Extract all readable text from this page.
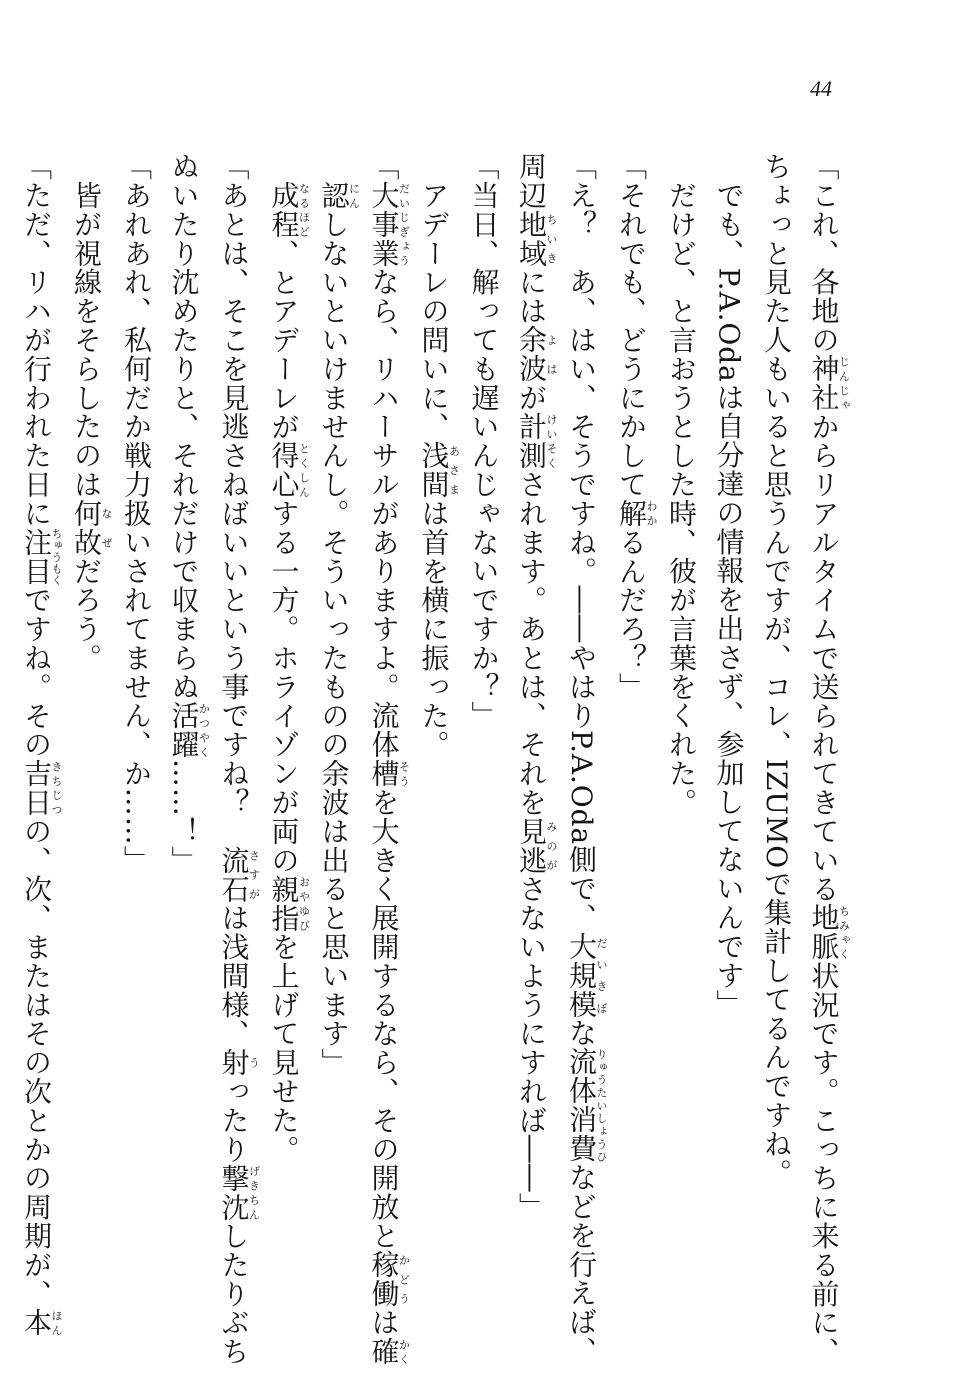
44
「これ、各地の神社じんじゃからリアルタイムで送られてきている地脈ちみゃく状況です。こっちに来る前に、
ちょっと見た人もいると思うんですが、コレ、IZUMOで集計してるんですね。
　でも、P.A.Odaは自分達の情報を出さず、参加してないんです」
　だけど、と言おうとした時、彼が言葉をくれた。
「それでも、どうにかして解わかるんだろ？」
「え？　あ、はい、そうですね。――やはりP.A.Oda側で、大規模だいきぼな流体消費りゅうたいしょうひなどを行えば、
周辺地域ちいきには余波よはが計測けいそくされます。あとは、それを見逃みのがさないようにすれば――」
「当日、解っても遅いんじゃないですか？」
　アデーレの問いに、浅間あさまは首を横に振った。
「大事業だいじぎょうなら、リハーサルがありますよ。流体槽そうを大きく展開するなら、その開放と稼働かどうは確かく
　認にんしないといけませんし。そういったものの余波は出ると思います」
　成程なるほど、とアデーレが得心とくしんする一方。ホライゾンが両の親指おやゆびを上げて見せた。
「あとは、そこを見逃さねばいいという事ですね？　流石さすがは浅間様、射うったり撃沈げきちんしたりぶち
ぬいたり沈めたりと、それだけで収まらぬ活躍かつやく……！」
「あれあれ、私何だか戦力扱いされてません、か……」
　皆が視線をそらしたのは何故なぜだろう。
「ただ、リハが行われた日に注目ちゅうもくですね。その吉日きちじつの、次、またはその次とかの周期が、本ほん
